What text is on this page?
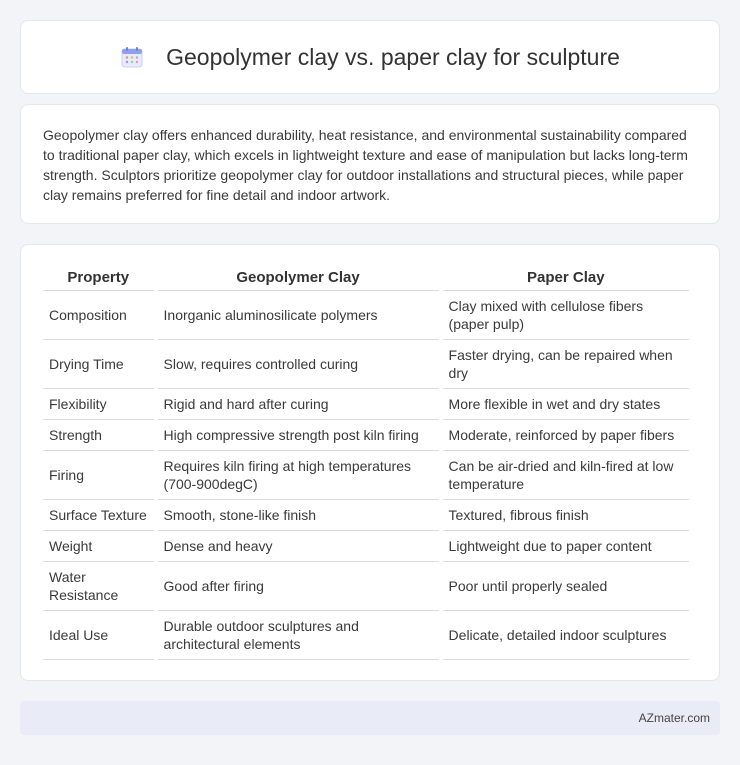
Geopolymer clay vs. paper clay for sculpture

Geopolymer clay offers enhanced durability, heat resistance, and environmental sustainability compared to traditional paper clay, which excels in lightweight texture and ease of manipulation but lacks long-term strength. Sculptors prioritize geopolymer clay for outdoor installations and structural pieces, while paper clay remains preferred for fine detail and indoor artwork.

Property	Geopolymer Clay	Paper Clay
Composition	Inorganic aluminosilicate polymers	Clay mixed with cellulose fibers (paper pulp)
Drying Time	Slow, requires controlled curing	Faster drying, can be repaired when dry
Flexibility	Rigid and hard after curing	More flexible in wet and dry states
Strength	High compressive strength post kiln firing	Moderate, reinforced by paper fibers
Firing	Requires kiln firing at high temperatures (700-900degC)	Can be air-dried and kiln-fired at low temperature
Surface Texture	Smooth, stone-like finish	Textured, fibrous finish
Weight	Dense and heavy	Lightweight due to paper content
Water Resistance	Good after firing	Poor until properly sealed
Ideal Use	Durable outdoor sculptures and architectural elements	Delicate, detailed indoor sculptures
AZmater.com
